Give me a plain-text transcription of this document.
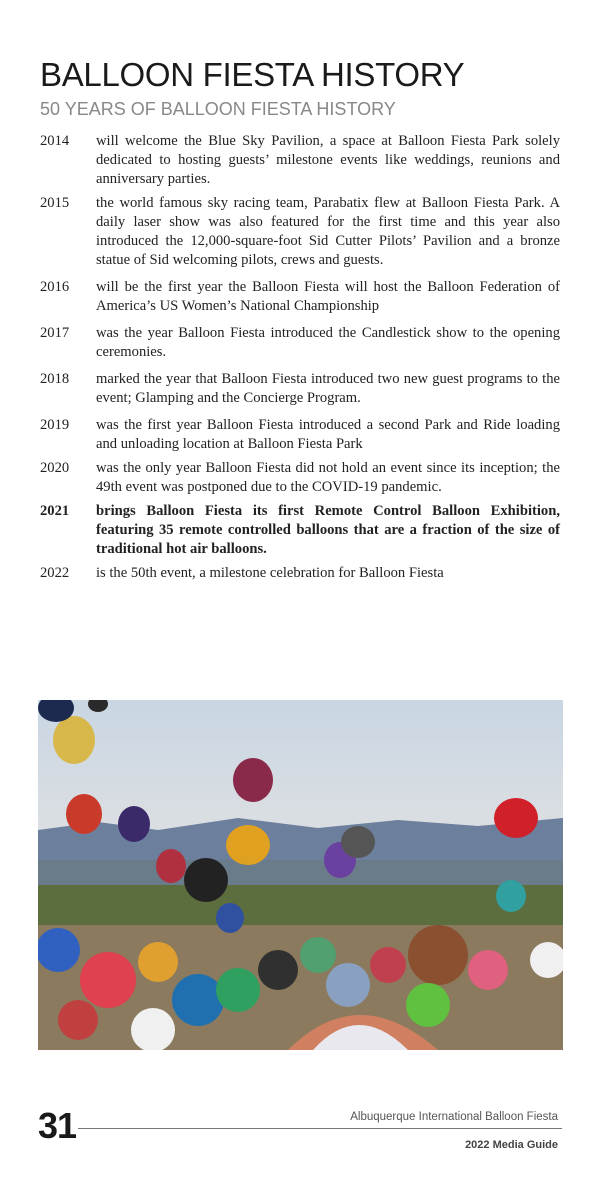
BALLOON FIESTA HISTORY
50 YEARS OF BALLOON FIESTA HISTORY
2014	will welcome the Blue Sky Pavilion, a space at Balloon Fiesta Park solely dedicated to hosting guests’ milestone events like weddings, reunions and anniversary parties.
2015	the world famous sky racing team, Parabatix flew at Balloon Fiesta Park. A daily laser show was also featured for the first time and this year also introduced the 12,000-square-foot Sid Cutter Pilots’ Pavilion and a bronze statue of Sid welcoming pilots, crews and guests.
2016	will be the first year the Balloon Fiesta will host the Balloon Federation of America’s US Women’s National Championship
2017	was the year Balloon Fiesta introduced the Candlestick show to the opening ceremonies.
2018	marked the year that Balloon Fiesta introduced two new guest programs to the event; Glamping and the Concierge Program.
2019	was the first year Balloon Fiesta introduced a second Park and Ride loading and unloading location at Balloon Fiesta Park
2020	was the only year Balloon Fiesta did not hold an event since its inception; the 49th event was postponed due to the COVID-19 pandemic.
2021	brings Balloon Fiesta its first Remote Control Balloon Exhibition, featuring 35 remote controlled balloons that are a fraction of the size of traditional hot air balloons.
2022	is the 50th event, a milestone celebration for Balloon Fiesta
31	Albuquerque International Balloon Fiesta
2022 Media Guide
